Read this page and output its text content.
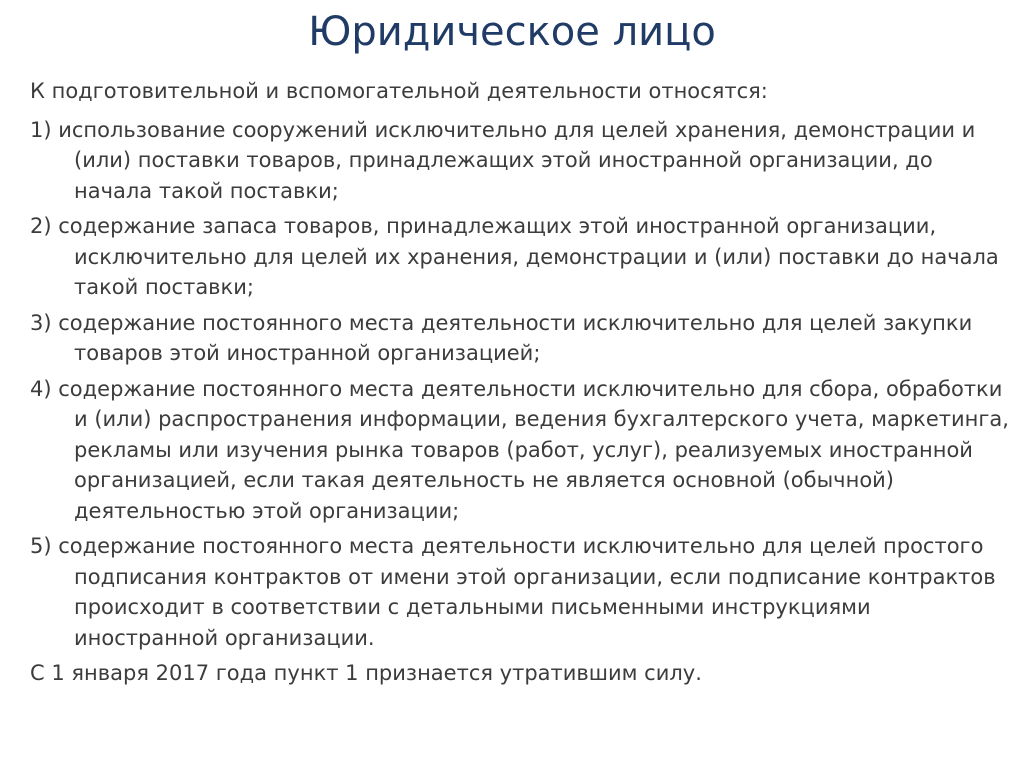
Юридическое лицо

К подготовительной и вспомогательной деятельности относятся:

1) использование сооружений исключительно для целей хранения, демонстрации и (или) поставки товаров, принадлежащих этой иностранной организации, до начала такой поставки;

2) содержание запаса товаров, принадлежащих этой иностранной организации, исключительно для целей их хранения, демонстрации и (или) поставки до начала такой поставки;

3) содержание постоянного места деятельности исключительно для целей закупки товаров этой иностранной организацией;

4) содержание постоянного места деятельности исключительно для сбора, обработки и (или) распространения информации, ведения бухгалтерского учета, маркетинга, рекламы или изучения рынка товаров (работ, услуг), реализуемых иностранной организацией, если такая деятельность не является основной (обычной) деятельностью этой организации;

5) содержание постоянного места деятельности исключительно для целей простого подписания контрактов от имени этой организации, если подписание контрактов происходит в соответствии с детальными письменными инструкциями иностранной организации.

С 1 января 2017 года пункт 1 признается утратившим силу.
